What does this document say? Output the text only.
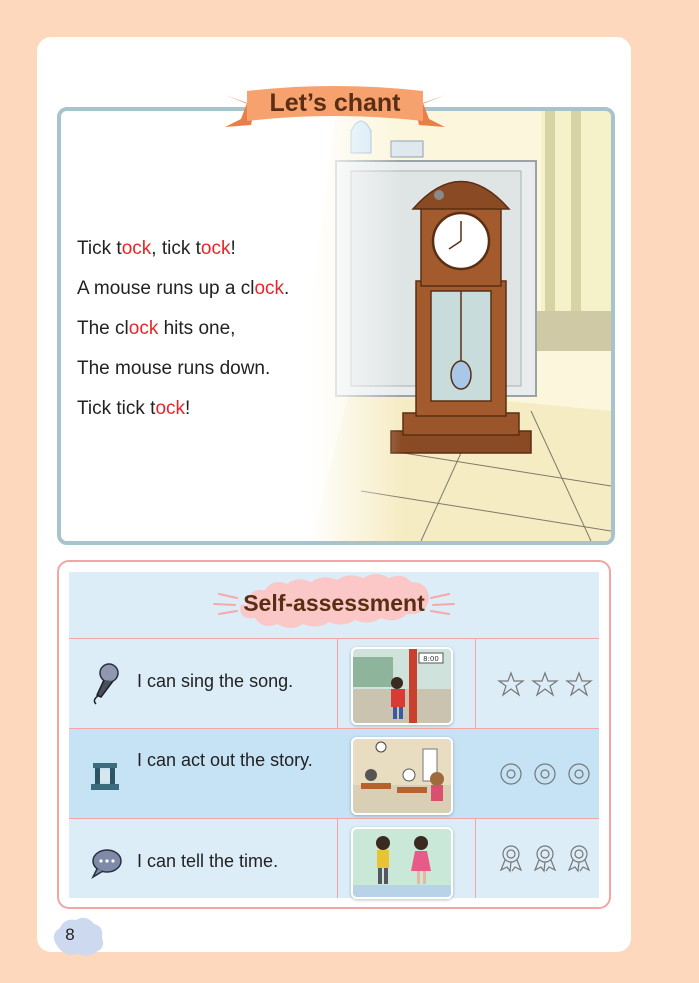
Tick tock, tick tock!
A mouse runs up a clock.
The clock hits one,
The mouse runs down.
Tick tick tock!
Let’s chant
Self-assessment
I can sing the song.
8:00
I can act out the story.
I can tell the time.
8
